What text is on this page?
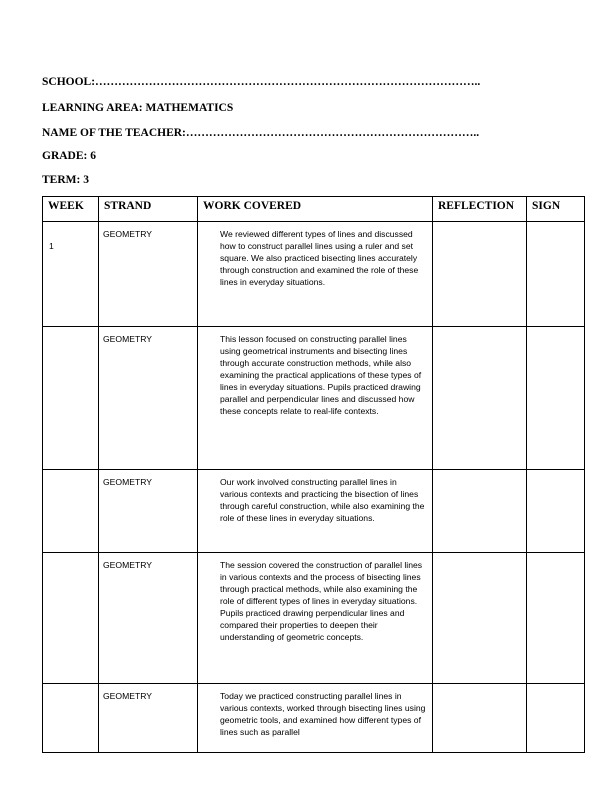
SCHOOL:………………………………………………………………………………………..
LEARNING AREA: MATHEMATICS
NAME OF THE TEACHER:…………………………………………………………………..
GRADE: 6
TERM: 3
WEEK	STRAND	WORK COVERED	REFLECTION	SIGN
1	GEOMETRY	We reviewed different types of lines and discussed how to construct parallel lines using a ruler and set square. We also practiced bisecting lines accurately through construction and examined the role of these lines in everyday situations.		
	GEOMETRY	This lesson focused on constructing parallel lines using geometrical instruments and bisecting lines through accurate construction methods, while also examining the practical applications of these types of lines in everyday situations. Pupils practiced drawing parallel and perpendicular lines and discussed how these concepts relate to real-life contexts.		
	GEOMETRY	Our work involved constructing parallel lines in various contexts and practicing the bisection of lines through careful construction, while also examining the role of these lines in everyday situations.		
	GEOMETRY	The session covered the construction of parallel lines in various contexts and the process of bisecting lines through practical methods, while also examining the role of different types of lines in everyday situations. Pupils practiced drawing perpendicular lines and compared their properties to deepen their understanding of geometric concepts.		
	GEOMETRY	Today we practiced constructing parallel lines in various contexts, worked through bisecting lines using geometric tools, and examined how different types of lines such as parallel		
